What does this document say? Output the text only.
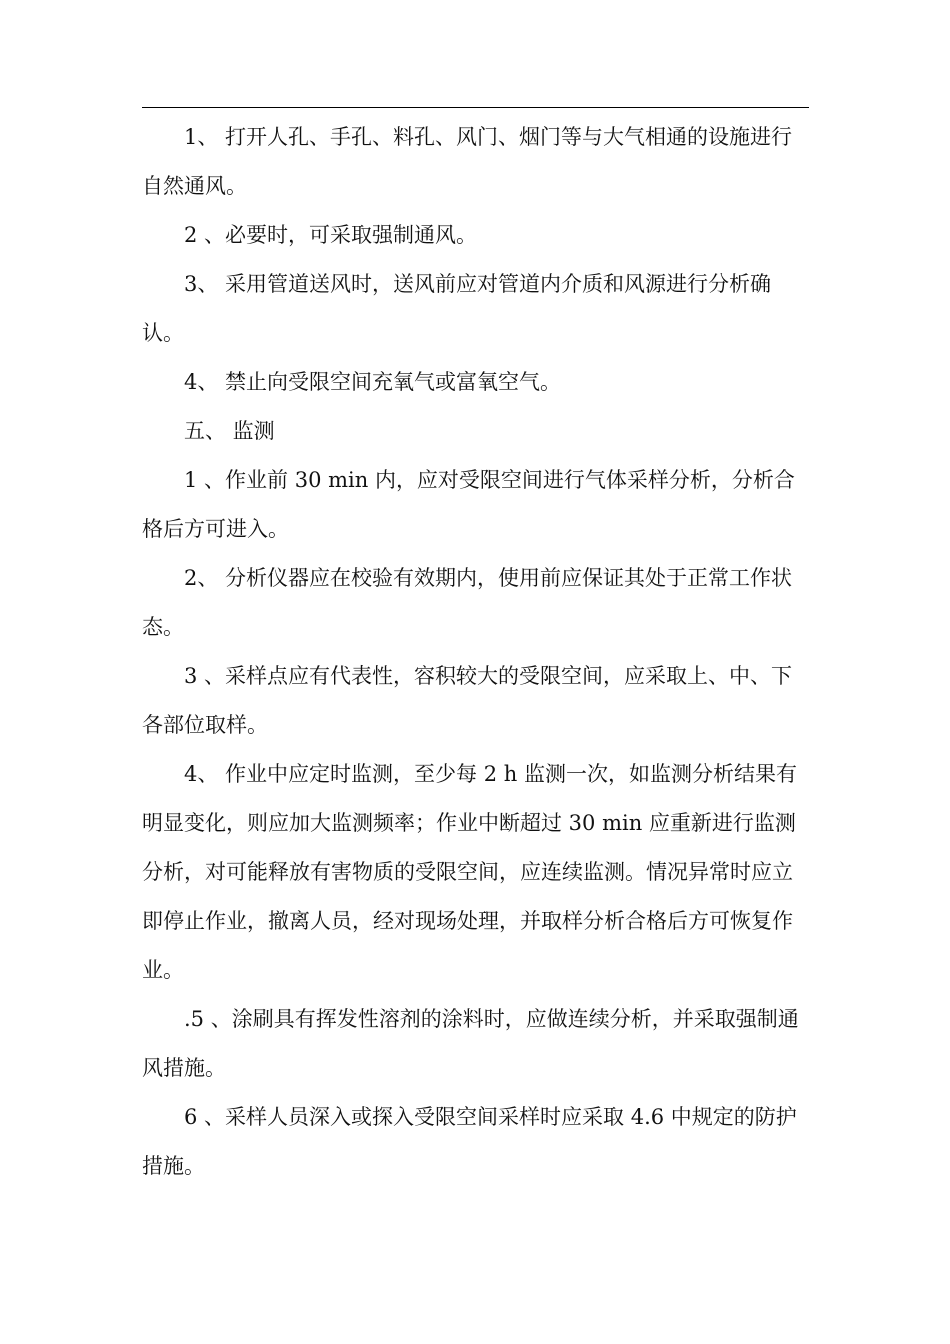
1、 打开人孔、手孔、料孔、风门、烟门等与大气相通的设施进行自然通风。

2 、必要时，可采取强制通风。

3、 采用管道送风时，送风前应对管道内介质和风源进行分析确认。

4、 禁止向受限空间充氧气或富氧空气。

五、 监测

1 、作业前 30 min 内，应对受限空间进行气体采样分析，分析合格后方可进入。

2、 分析仪器应在校验有效期内，使用前应保证其处于正常工作状态。

3 、采样点应有代表性，容积较大的受限空间，应采取上、中、下各部位取样。

4、 作业中应定时监测，至少每 2 h 监测一次，如监测分析结果有明显变化，则应加大监测频率；作业中断超过 30 min 应重新进行监测分析，对可能释放有害物质的受限空间，应连续监测。情况异常时应立即停止作业，撤离人员，经对现场处理，并取样分析合格后方可恢复作业。

.5 、涂刷具有挥发性溶剂的涂料时，应做连续分析，并采取强制通风措施。

6 、采样人员深入或探入受限空间采样时应采取 4.6 中规定的防护措施。
